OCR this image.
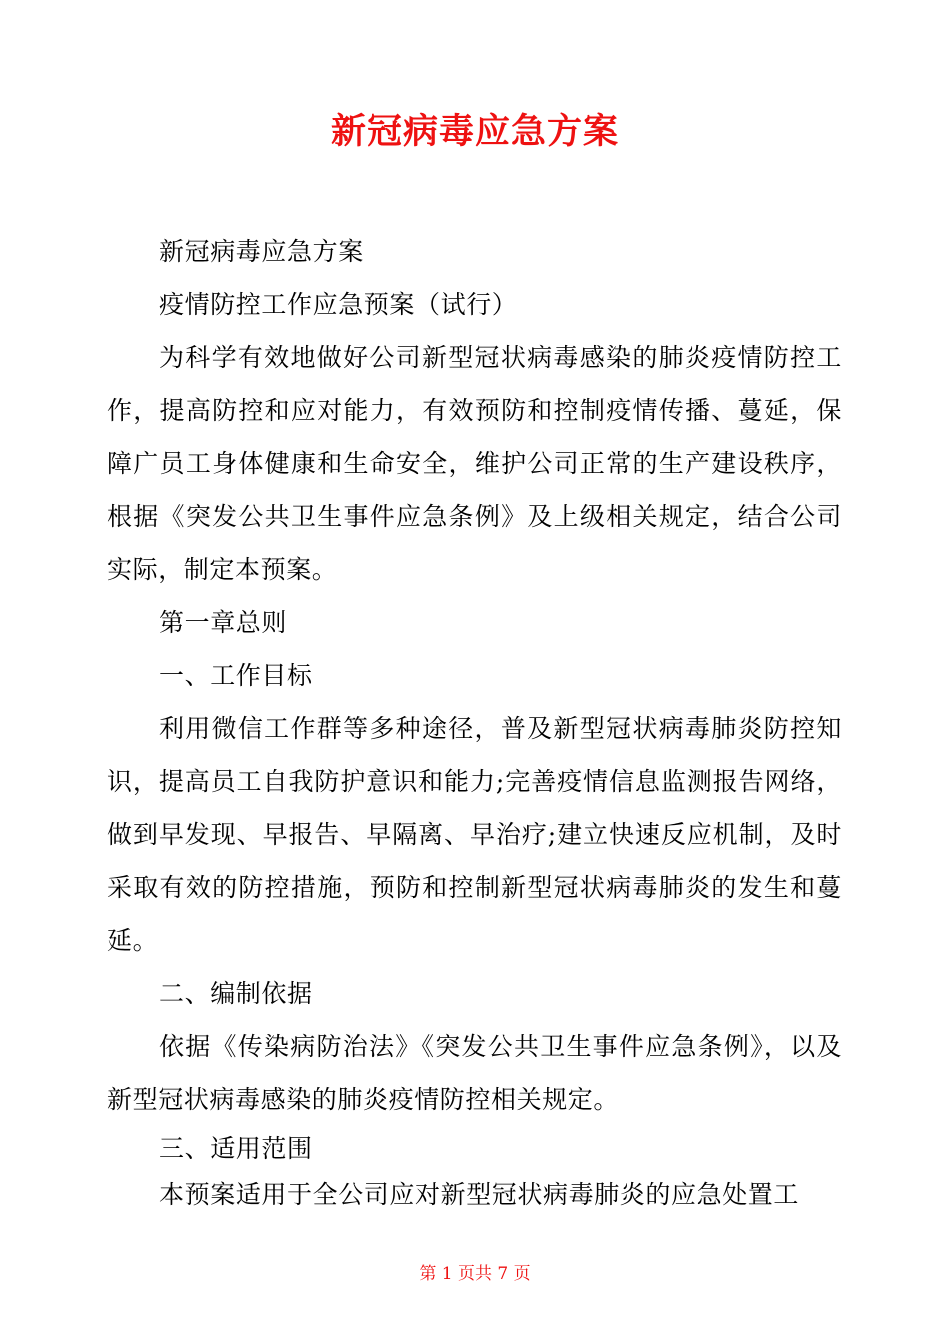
新冠病毒应急方案

新冠病毒应急方案

疫情防控工作应急预案（试行）

为科学有效地做好公司新型冠状病毒感染的肺炎疫情防控工作，提高防控和应对能力，有效预防和控制疫情传播、蔓延，保障广员工身体健康和生命安全，维护公司正常的生产建设秩序，根据《突发公共卫生事件应急条例》及上级相关规定，结合公司实际，制定本预案。

第一章总则

一、工作目标

利用微信工作群等多种途径，普及新型冠状病毒肺炎防控知识，提高员工自我防护意识和能力;完善疫情信息监测报告网络，做到早发现、早报告、早隔离、早治疗;建立快速反应机制，及时采取有效的防控措施，预防和控制新型冠状病毒肺炎的发生和蔓延。

二、编制依据

依据《传染病防治法》《突发公共卫生事件应急条例》，以及新型冠状病毒感染的肺炎疫情防控相关规定。

三、适用范围

本预案适用于全公司应对新型冠状病毒肺炎的应急处置工

第 1 页共 7 页
